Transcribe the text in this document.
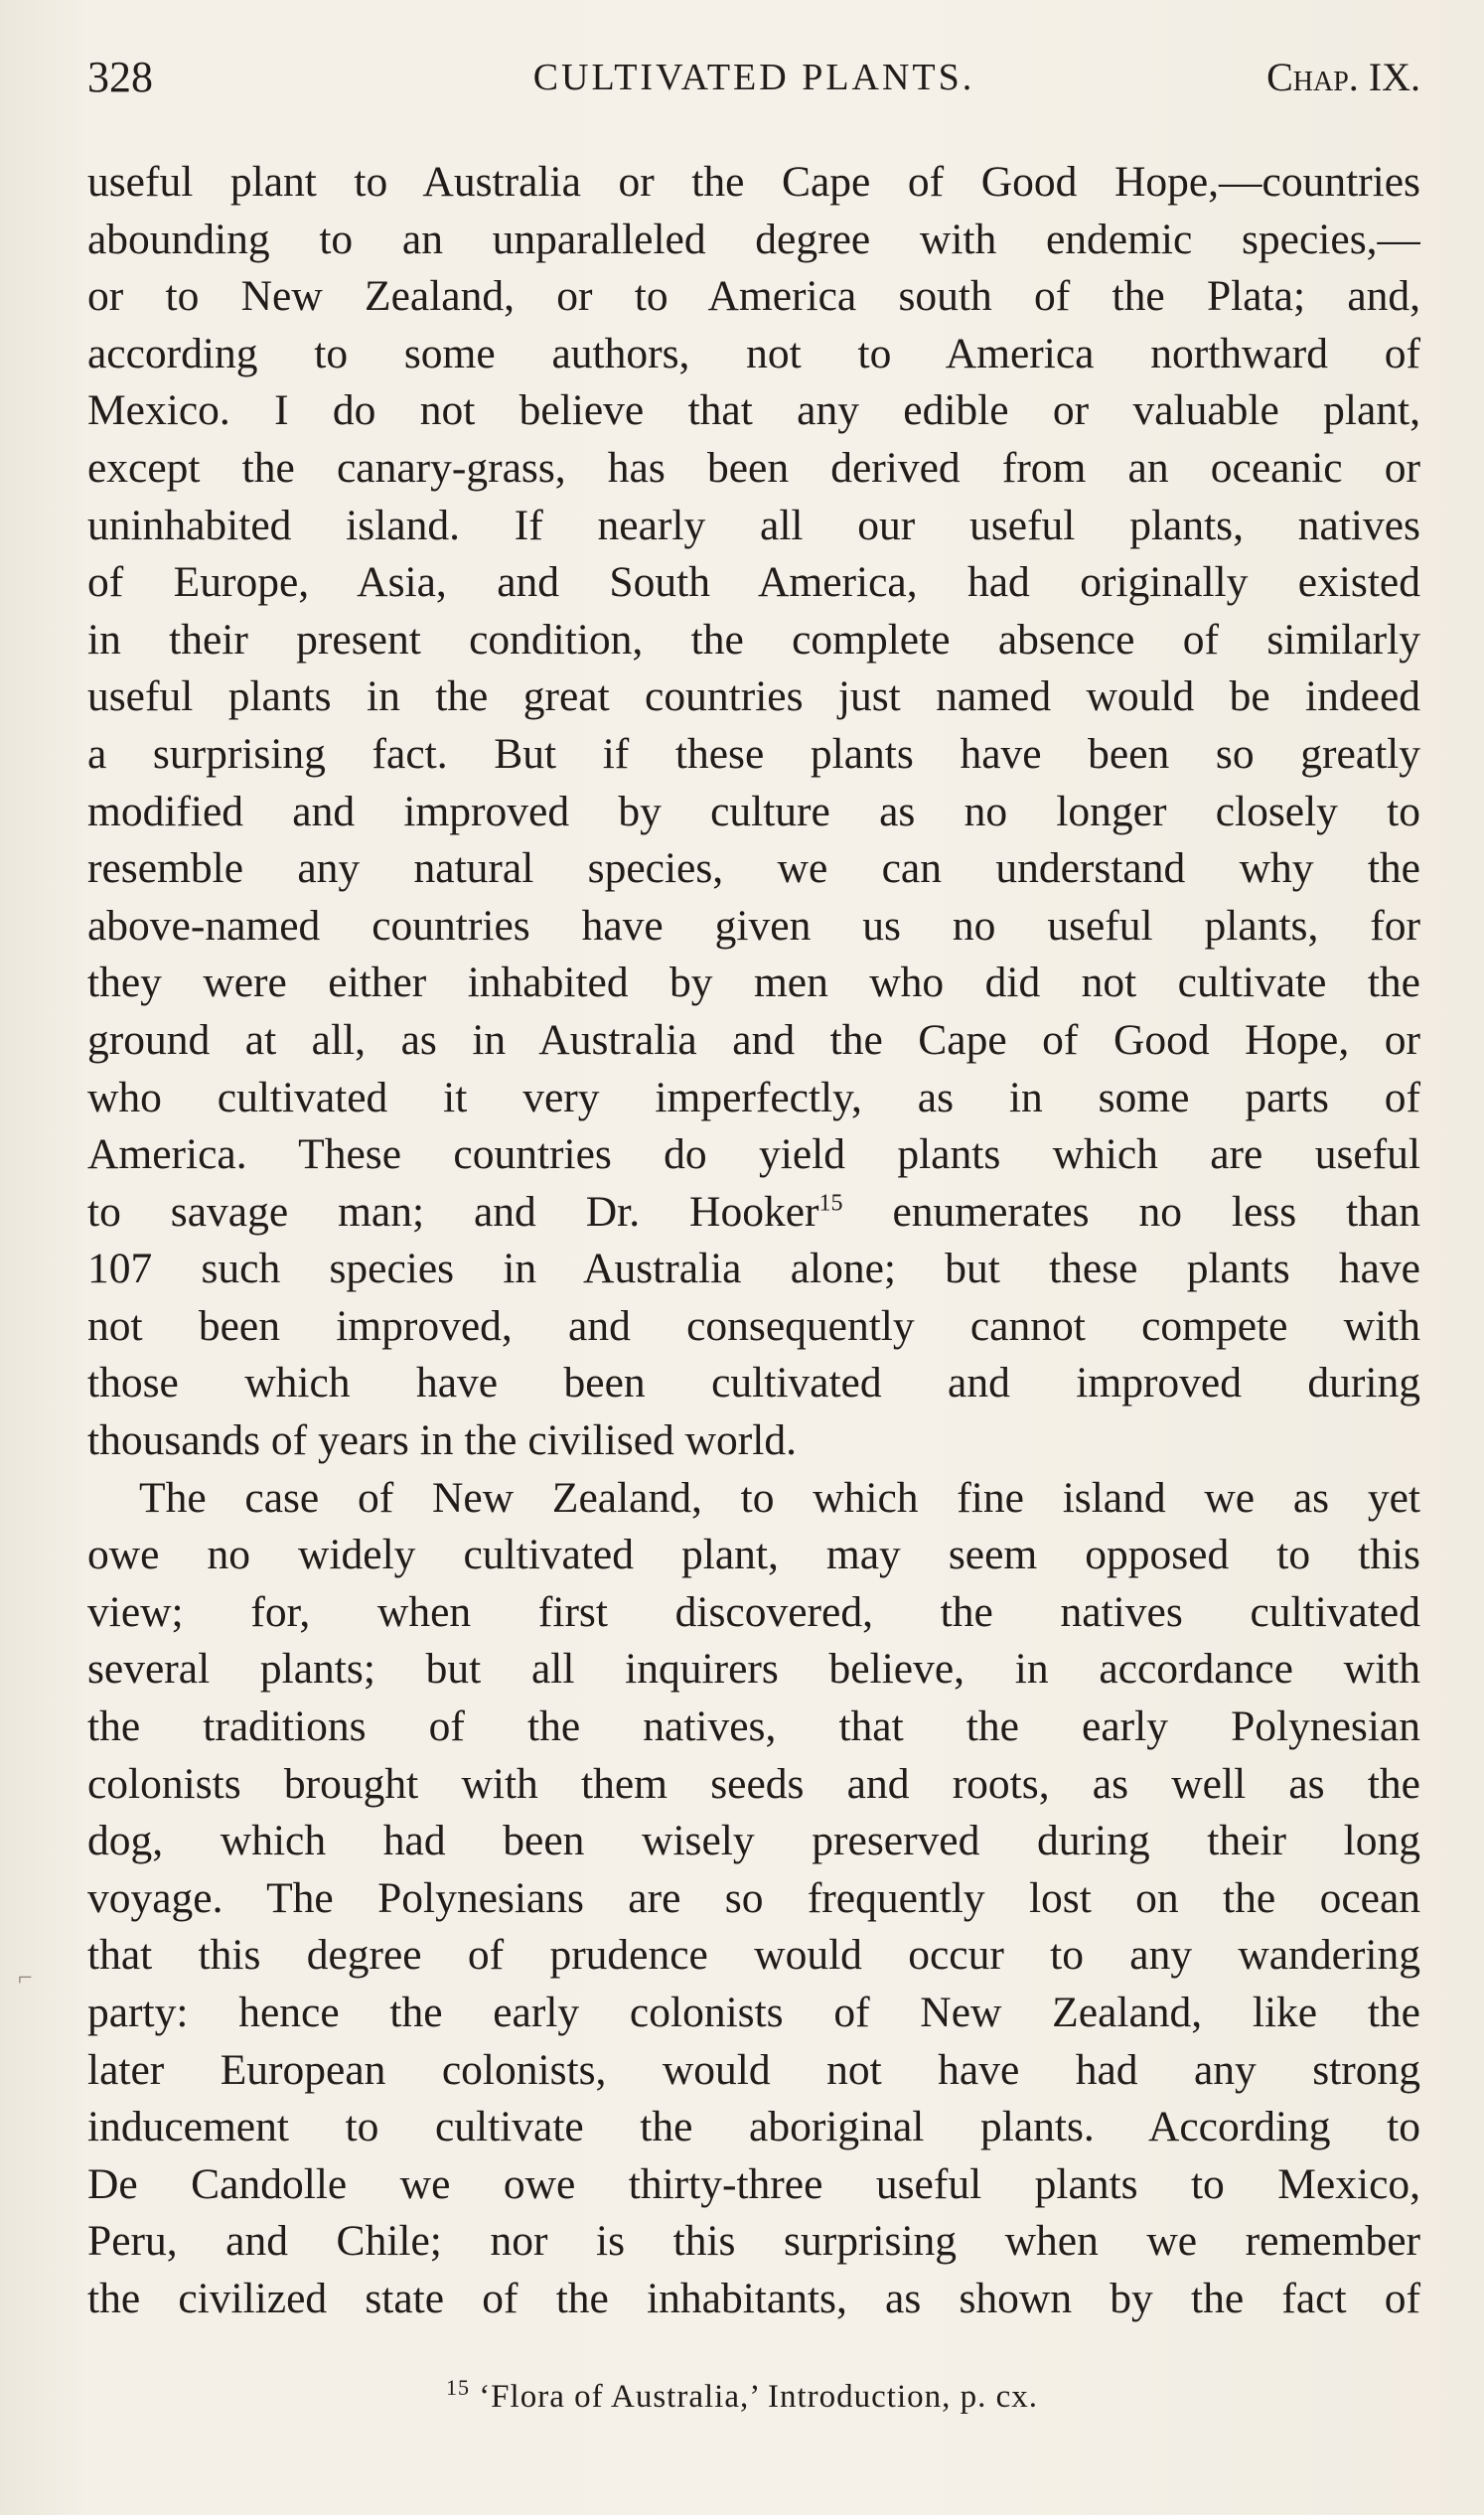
328	CULTIVATED PLANTS.	Chap. IX.
useful plant to Australia or the Cape of Good Hope,—countries
abounding to an unparalleled degree with endemic species,—
or to New Zealand, or to America south of the Plata; and,
according to some authors, not to America northward of
Mexico. I do not believe that any edible or valuable plant,
except the canary-grass, has been derived from an oceanic or
uninhabited island. If nearly all our useful plants, natives
of Europe, Asia, and South America, had originally existed
in their present condition, the complete absence of similarly
useful plants in the great countries just named would be indeed
a surprising fact. But if these plants have been so greatly
modified and improved by culture as no longer closely to
resemble any natural species, we can understand why the
above-named countries have given us no useful plants, for
they were either inhabited by men who did not cultivate the
ground at all, as in Australia and the Cape of Good Hope, or
who cultivated it very imperfectly, as in some parts of
America. These countries do yield plants which are useful
to savage man; and Dr. Hooker$^{15}$ enumerates no less than
107 such species in Australia alone; but these plants have
not been improved, and consequently cannot compete with
those which have been cultivated and improved during
thousands of years in the civilised world.
The case of New Zealand, to which fine island we as yet
owe no widely cultivated plant, may seem opposed to this
view; for, when first discovered, the natives cultivated
several plants; but all inquirers believe, in accordance with
the traditions of the natives, that the early Polynesian
colonists brought with them seeds and roots, as well as the
dog, which had been wisely preserved during their long
voyage. The Polynesians are so frequently lost on the ocean
that this degree of prudence would occur to any wandering
party: hence the early colonists of New Zealand, like the
later European colonists, would not have had any strong
inducement to cultivate the aboriginal plants. According to
De Candolle we owe thirty-three useful plants to Mexico,
Peru, and Chile; nor is this surprising when we remember
the civilized state of the inhabitants, as shown by the fact of
⌐
$^{15}$ ‘Flora of Australia,’ Introduction, p. cx.
